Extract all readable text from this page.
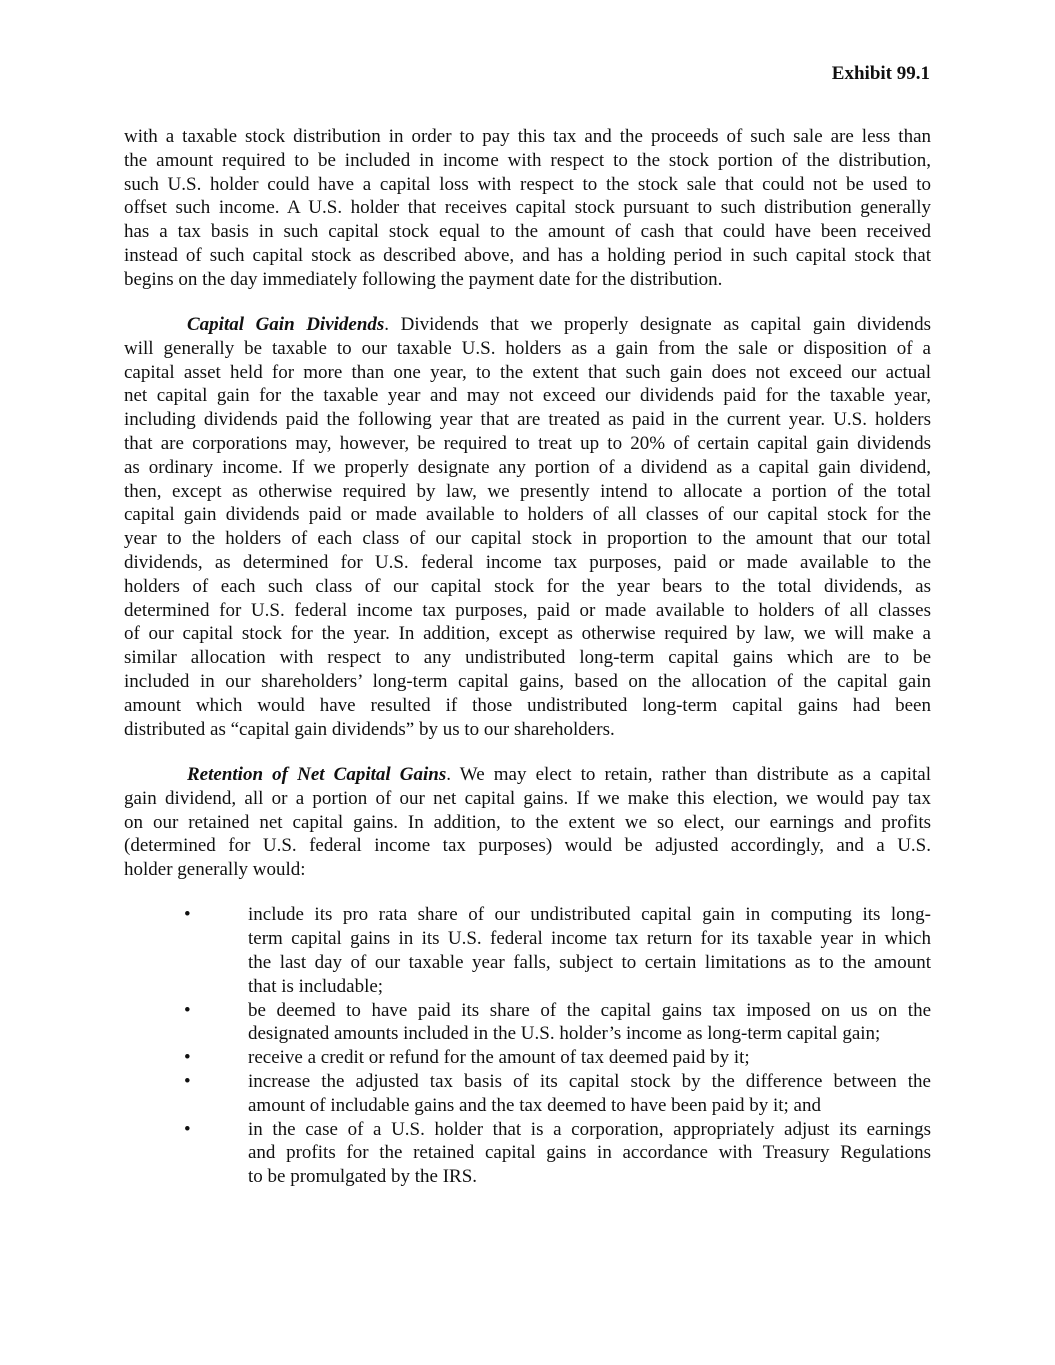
Exhibit 99.1
with a taxable stock distribution in order to pay this tax and the proceeds of such sale are less than
the amount required to be included in income with respect to the stock portion of the distribution,
such U.S. holder could have a capital loss with respect to the stock sale that could not be used to
offset such income. A U.S. holder that receives capital stock pursuant to such distribution generally
has a tax basis in such capital stock equal to the amount of cash that could have been received
instead of such capital stock as described above, and has a holding period in such capital stock that
begins on the day immediately following the payment date for the distribution.
Capital Gain Dividends. Dividends that we properly designate as capital gain dividends
will generally be taxable to our taxable U.S. holders as a gain from the sale or disposition of a
capital asset held for more than one year, to the extent that such gain does not exceed our actual
net capital gain for the taxable year and may not exceed our dividends paid for the taxable year,
including dividends paid the following year that are treated as paid in the current year. U.S. holders
that are corporations may, however, be required to treat up to 20% of certain capital gain dividends
as ordinary income. If we properly designate any portion of a dividend as a capital gain dividend,
then, except as otherwise required by law, we presently intend to allocate a portion of the total
capital gain dividends paid or made available to holders of all classes of our capital stock for the
year to the holders of each class of our capital stock in proportion to the amount that our total
dividends, as determined for U.S. federal income tax purposes, paid or made available to the
holders of each such class of our capital stock for the year bears to the total dividends, as
determined for U.S. federal income tax purposes, paid or made available to holders of all classes
of our capital stock for the year. In addition, except as otherwise required by law, we will make a
similar allocation with respect to any undistributed long-term capital gains which are to be
included in our shareholders’ long-term capital gains, based on the allocation of the capital gain
amount which would have resulted if those undistributed long-term capital gains had been
distributed as “capital gain dividends” by us to our shareholders.
Retention of Net Capital Gains. We may elect to retain, rather than distribute as a capital
gain dividend, all or a portion of our net capital gains. If we make this election, we would pay tax
on our retained net capital gains. In addition, to the extent we so elect, our earnings and profits
(determined for U.S. federal income tax purposes) would be adjusted accordingly, and a U.S.
holder generally would:
•	include its pro rata share of our undistributed capital gain in computing its long-
term capital gains in its U.S. federal income tax return for its taxable year in which
the last day of our taxable year falls, subject to certain limitations as to the amount
that is includable;
•	be deemed to have paid its share of the capital gains tax imposed on us on the
designated amounts included in the U.S. holder’s income as long-term capital gain;
•	receive a credit or refund for the amount of tax deemed paid by it;
•	increase the adjusted tax basis of its capital stock by the difference between the
amount of includable gains and the tax deemed to have been paid by it; and
•	in the case of a U.S. holder that is a corporation, appropriately adjust its earnings
and profits for the retained capital gains in accordance with Treasury Regulations
to be promulgated by the IRS.
